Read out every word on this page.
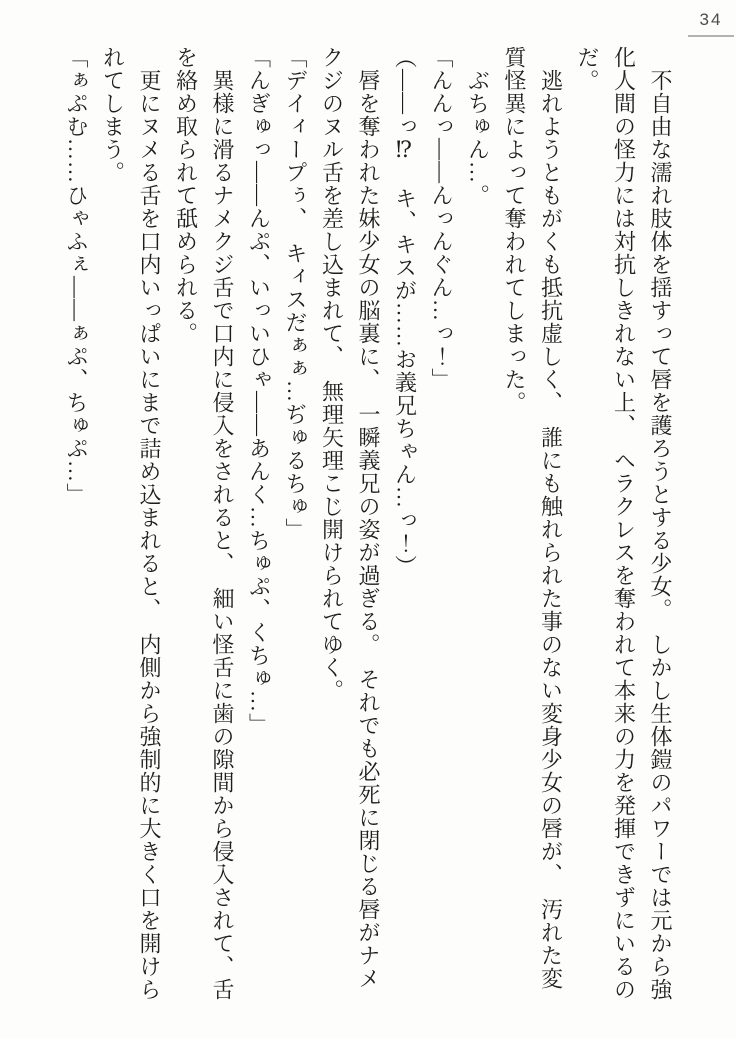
34

　不自由な濡れ肢体を揺すって唇を護ろうとする少女。　しかし生体鎧のパワーでは元から強化人間の怪力には対抗しきれない上、　ヘラクレスを奪われて本来の力を発揮できずにいるのだ。

　逃れようともがくも抵抗虚しく、　誰にも触れられた事のない変身少女の唇が、　汚れた変質怪異によって奪われてしまった。

　ぶちゅん…。

「んんっ――んっんぐん…っ！」

（――っ⁉　キ、キスが……お義兄ちゃん…っ！）

　唇を奪われた妹少女の脳裏に、　一瞬義兄の姿が過ぎる。　それでも必死に閉じる唇がナメクジのヌル舌を差し込まれて、　無理矢理こじ開けられてゆく。

「デイィープぅ、　キィスだぁぁ…ぢゅるちゅ」

「んぎゅっ――んぷ、いっいひゃ――あんく…ちゅぷ、くちゅ…」

　異様に滑るナメクジ舌で口内に侵入をされると、　細い怪舌に歯の隙間から侵入されて、舌を絡め取られて舐められる。

　更にヌメる舌を口内いっぱいにまで詰め込まれると、　内側から強制的に大きく口を開けられてしまう。

「ぁぷむ……ひゃふぇ――ぁぷ、ちゅぷ…」
